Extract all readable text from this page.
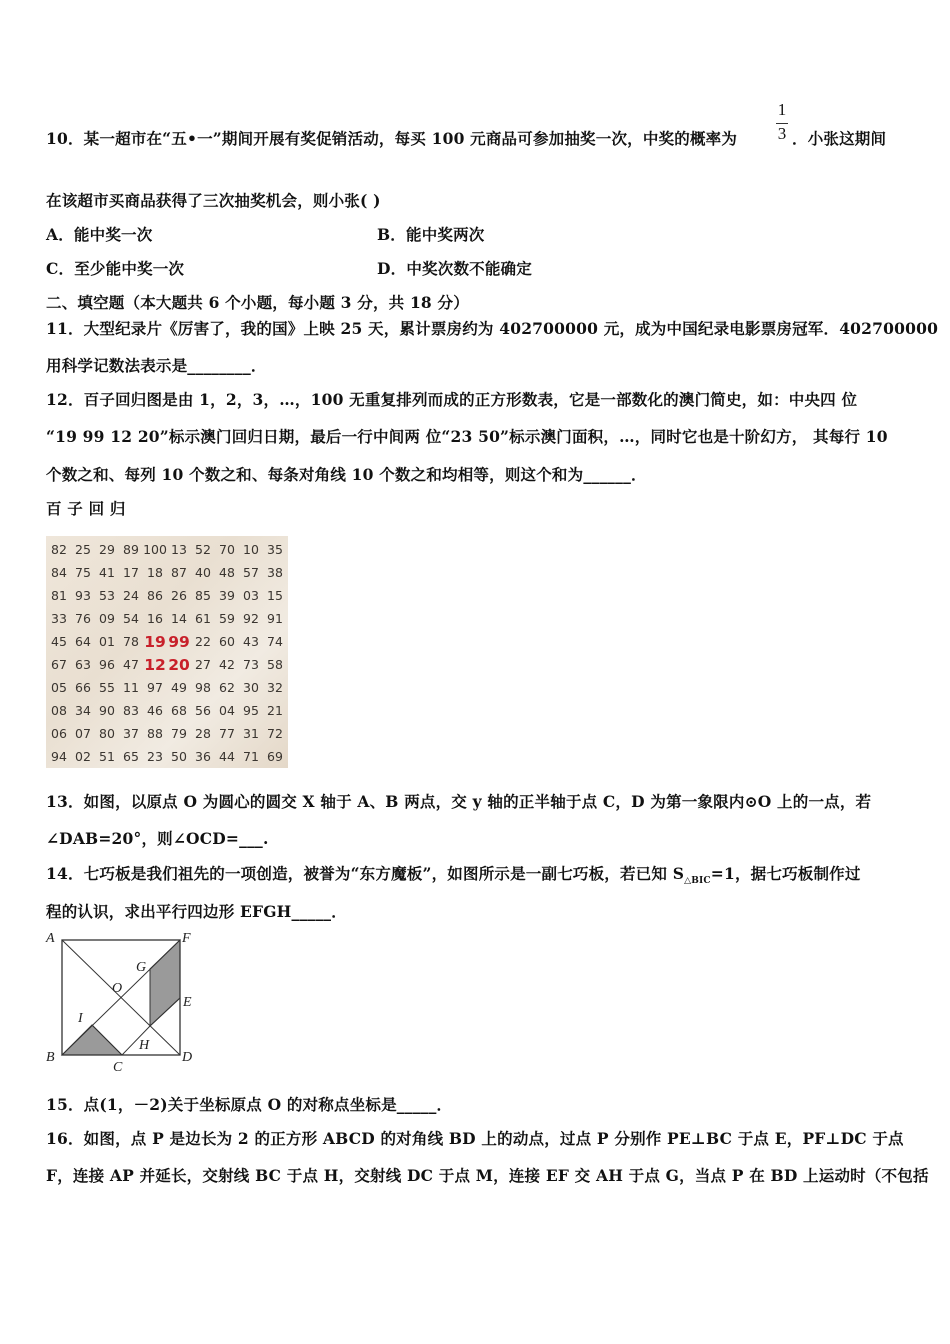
1
3
10．某一超市在“五•一”期间开展有奖促销活动，每买 100 元商品可参加抽奖一次，中奖的概率为	．小张这期间
在该超市买商品获得了三次抽奖机会，则小张( )
A．能中奖一次	B．能中奖两次
C．至少能中奖一次	D．中奖次数不能确定
二、填空题（本大题共 6 个小题，每小题 3 分，共 18 分）
11．大型纪录片《厉害了，我的国》上映 25 天，累计票房约为 402700000 元，成为中国纪录电影票房冠军．402700000
用科学记数法表示是________．
12．百子回归图是由 1，2，3，…，100 无重复排列而成的正方形数表，它是一部数化的澳门简史，如：中央四 位
“19 99 12 20”标示澳门回归日期，最后一行中间两 位“23 50”标示澳门面积，…，同时它也是十阶幻方， 其每行 10
个数之和、每列 10 个数之和、每条对角线 10 个数之和均相等，则这个和为______．
百 子 回 归
82	25	29	89	100	13	52	70	10	35
84	75	41	17	18	87	40	48	57	38
81	93	53	24	86	26	85	39	03	15
33	76	09	54	16	14	61	59	92	91
45	64	01	78	19	99	22	60	43	74
67	63	96	47	12	20	27	42	73	58
05	66	55	11	97	49	98	62	30	32
08	34	90	83	46	68	56	04	95	21
06	07	80	37	88	79	28	77	31	72
94	02	51	65	23	50	36	44	71	69
13．如图，以原点 O 为圆心的圆交 X 轴于 A、B 两点，交 y 轴的正半轴于点 C，D 为第一象限内⊙O 上的一点，若
∠DAB=20°，则∠OCD=___.
14．七巧板是我们祖先的一项创造，被誉为“东方魔板”，如图所示是一副七巧板，若已知 $S_{\triangle BIC}=1$，据七巧板制作过
程的认识，求出平行四边形 EFGH_____．
A	F
G
O
E
I
B
C
H
D
15．点(1，－2)关于坐标原点 O 的对称点坐标是_____．
16．如图，点 P 是边长为 2 的正方形 ABCD 的对角线 BD 上的动点，过点 P 分别作 PE⊥BC 于点 E，PF⊥DC 于点
F，连接 AP 并延长，交射线 BC 于点 H，交射线 DC 于点 M，连接 EF 交 AH 于点 G，当点 P 在 BD 上运动时（不包括
